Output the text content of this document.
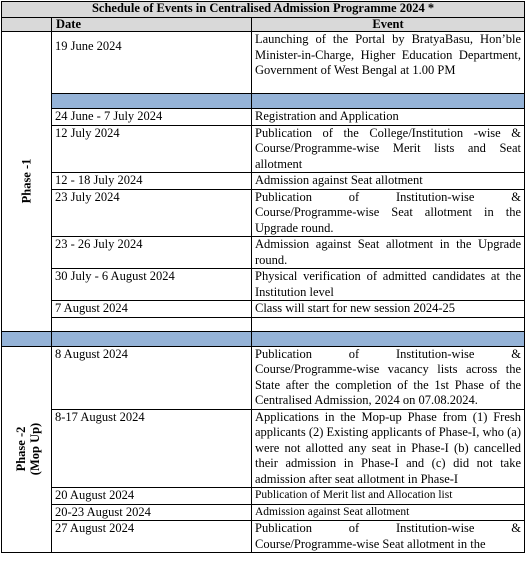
Schedule of Events in Centralised Admission Programme 2024 *		
	Date	Event
Phase -1	19 June 2024	Launching of the Portal by BratyaBasu, Hon’ble Minister-in-Charge, Higher Education Department, Government of West Bengal at 1.00 PM

	24 June - 7 July 2024	Registration and Application
	12 July 2024	Publication of the College/Institution -wise & Course/Programme-wise Merit lists and Seat allotment
	12 - 18 July 2024	Admission against Seat allotment
	23 July 2024	Publication of Institution-wise & Course/Programme-wise Seat allotment in the Upgrade round.
	23 - 26 July 2024	Admission against Seat allotment in the Upgrade round.
	30 July - 6 August 2024	Physical verification of admitted candidates at the Institution level
	7 August 2024	Class will start for new session 2024-25

Phase -2
(Mop Up)	8 August 2024	Publication of Institution-wise & Course/Programme-wise vacancy lists across the State after the completion of the 1st Phase of the Centralised Admission, 2024 on 07.08.2024.
	8-17 August 2024	Applications in the Mop-up Phase from (1) Fresh applicants (2) Existing applicants of Phase-I, who (a) were not allotted any seat in Phase-I (b) cancelled their admission in Phase-I and (c) did not take admission after seat allotment in Phase-I
	20 August 2024	Publication of Merit list and Allocation list
	20-23 August 2024	Admission against Seat allotment
	27 August 2024	Publication of Institution-wise & Course/Programme-wise Seat allotment in the
